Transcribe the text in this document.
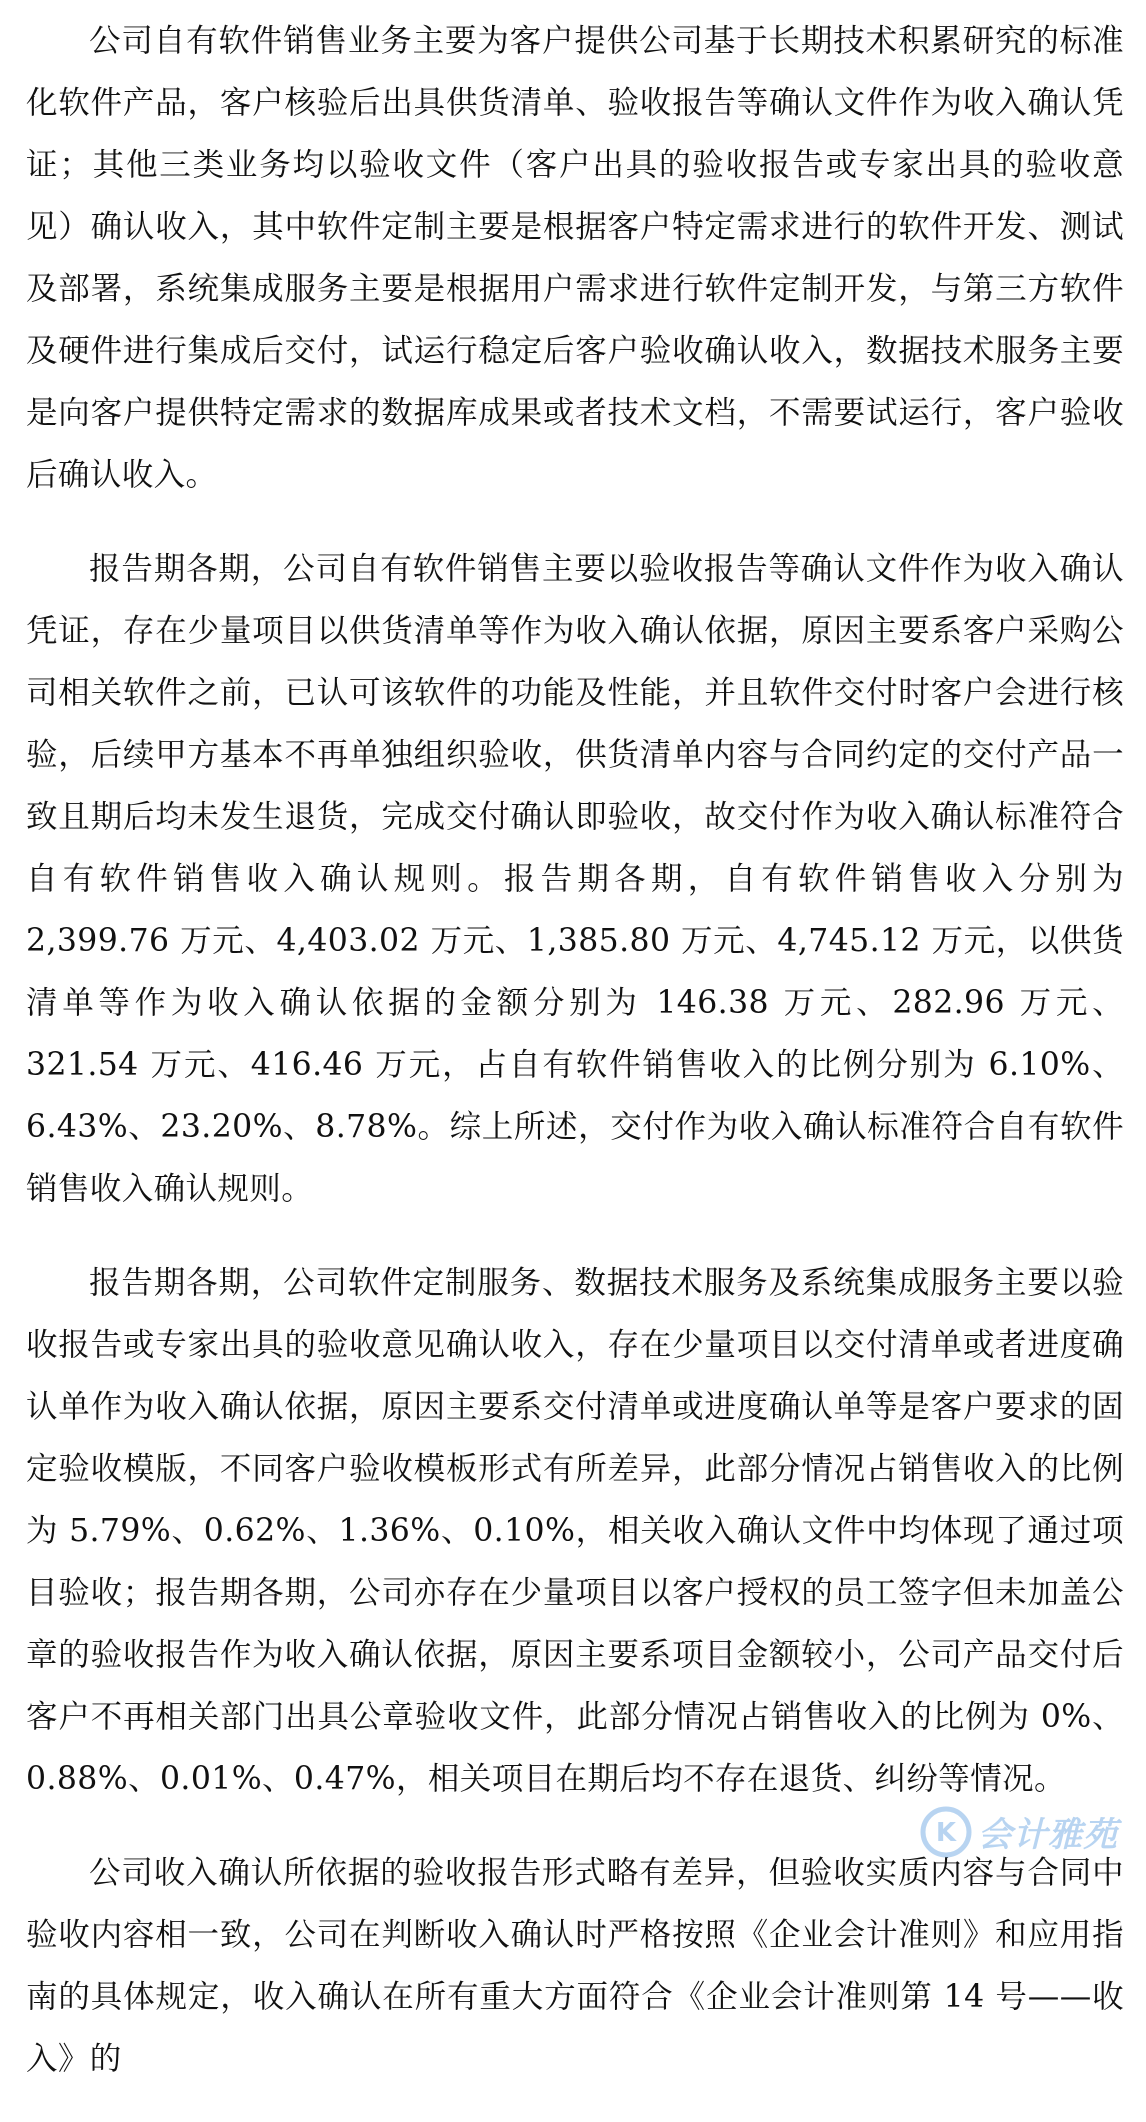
公司自有软件销售业务主要为客户提供公司基于长期技术积累研究的标准化软件产品，客户核验后出具供货清单、验收报告等确认文件作为收入确认凭证；其他三类业务均以验收文件（客户出具的验收报告或专家出具的验收意见）确认收入，其中软件定制主要是根据客户特定需求进行的软件开发、测试及部署，系统集成服务主要是根据用户需求进行软件定制开发，与第三方软件及硬件进行集成后交付，试运行稳定后客户验收确认收入，数据技术服务主要是向客户提供特定需求的数据库成果或者技术文档，不需要试运行，客户验收后确认收入。

报告期各期，公司自有软件销售主要以验收报告等确认文件作为收入确认凭证，存在少量项目以供货清单等作为收入确认依据，原因主要系客户采购公司相关软件之前，已认可该软件的功能及性能，并且软件交付时客户会进行核验，后续甲方基本不再单独组织验收，供货清单内容与合同约定的交付产品一致且期后均未发生退货，完成交付确认即验收，故交付作为收入确认标准符合自有软件销售收入确认规则。报告期各期，自有软件销售收入分别为 2,399.76 万元、4,403.02 万元、1,385.80 万元、4,745.12 万元，以供货清单等作为收入确认依据的金额分别为 146.38 万元、282.96 万元、321.54 万元、416.46 万元，占自有软件销售收入的比例分别为 6.10%、6.43%、23.20%、8.78%。综上所述，交付作为收入确认标准符合自有软件销售收入确认规则。

报告期各期，公司软件定制服务、数据技术服务及系统集成服务主要以验收报告或专家出具的验收意见确认收入，存在少量项目以交付清单或者进度确认单作为收入确认依据，原因主要系交付清单或进度确认单等是客户要求的固定验收模版，不同客户验收模板形式有所差异，此部分情况占销售收入的比例为 5.79%、0.62%、1.36%、0.10%，相关收入确认文件中均体现了通过项目验收；报告期各期，公司亦存在少量项目以客户授权的员工签字但未加盖公章的验收报告作为收入确认依据，原因主要系项目金额较小，公司产品交付后客户不再相关部门出具公章验收文件，此部分情况占销售收入的比例为 0%、0.88%、0.01%、0.47%，相关项目在期后均不存在退货、纠纷等情况。

公司收入确认所依据的验收报告形式略有差异，但验收实质内容与合同中验收内容相一致，公司在判断收入确认时严格按照《企业会计准则》和应用指南的具体规定，收入确认在所有重大方面符合《企业会计准则第 14 号——收入》的

K 会计雅苑
